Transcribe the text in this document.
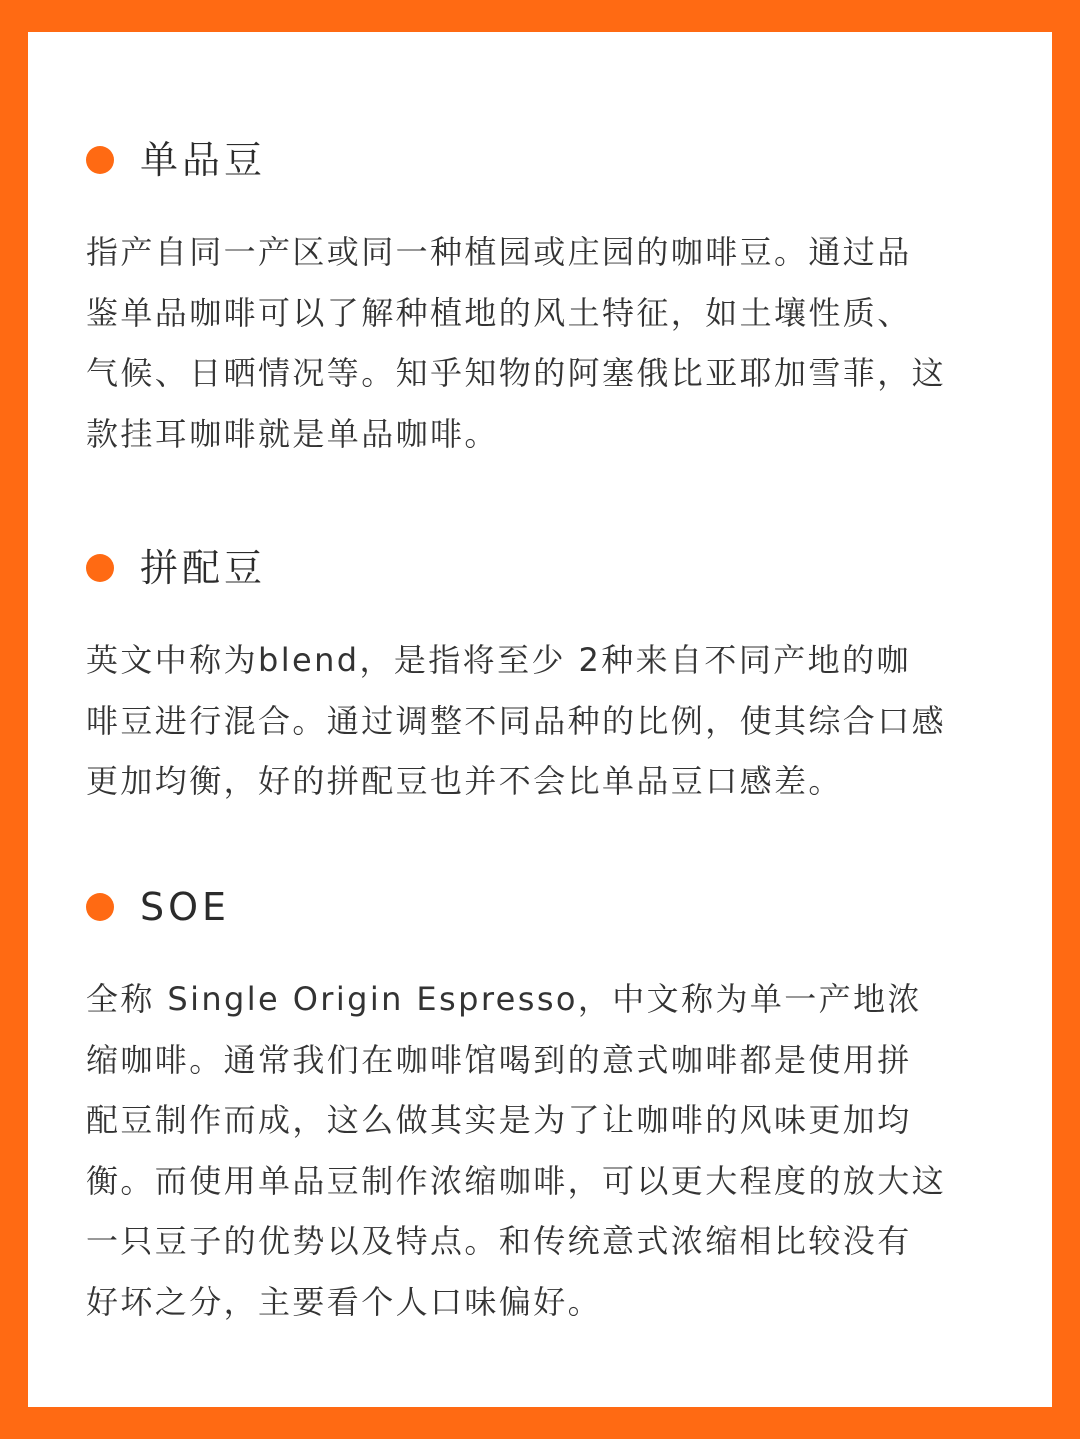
单品豆
指产自同一产区或同一种植园或庄园的咖啡豆。通过品
鉴单品咖啡可以了解种植地的风土特征，如土壤性质、
气候、日晒情况等。知乎知物的阿塞俄比亚耶加雪菲，这
款挂耳咖啡就是单品咖啡。
拼配豆
英文中称为blend，是指将至少 2种来自不同产地的咖
啡豆进行混合。通过调整不同品种的比例，使其综合口感
更加均衡，好的拼配豆也并不会比单品豆口感差。
SOE
全称 Single Origin Espresso，中文称为单一产地浓
缩咖啡。通常我们在咖啡馆喝到的意式咖啡都是使用拼
配豆制作而成，这么做其实是为了让咖啡的风味更加均
衡。而使用单品豆制作浓缩咖啡，可以更大程度的放大这
一只豆子的优势以及特点。和传统意式浓缩相比较没有
好坏之分，主要看个人口味偏好。
